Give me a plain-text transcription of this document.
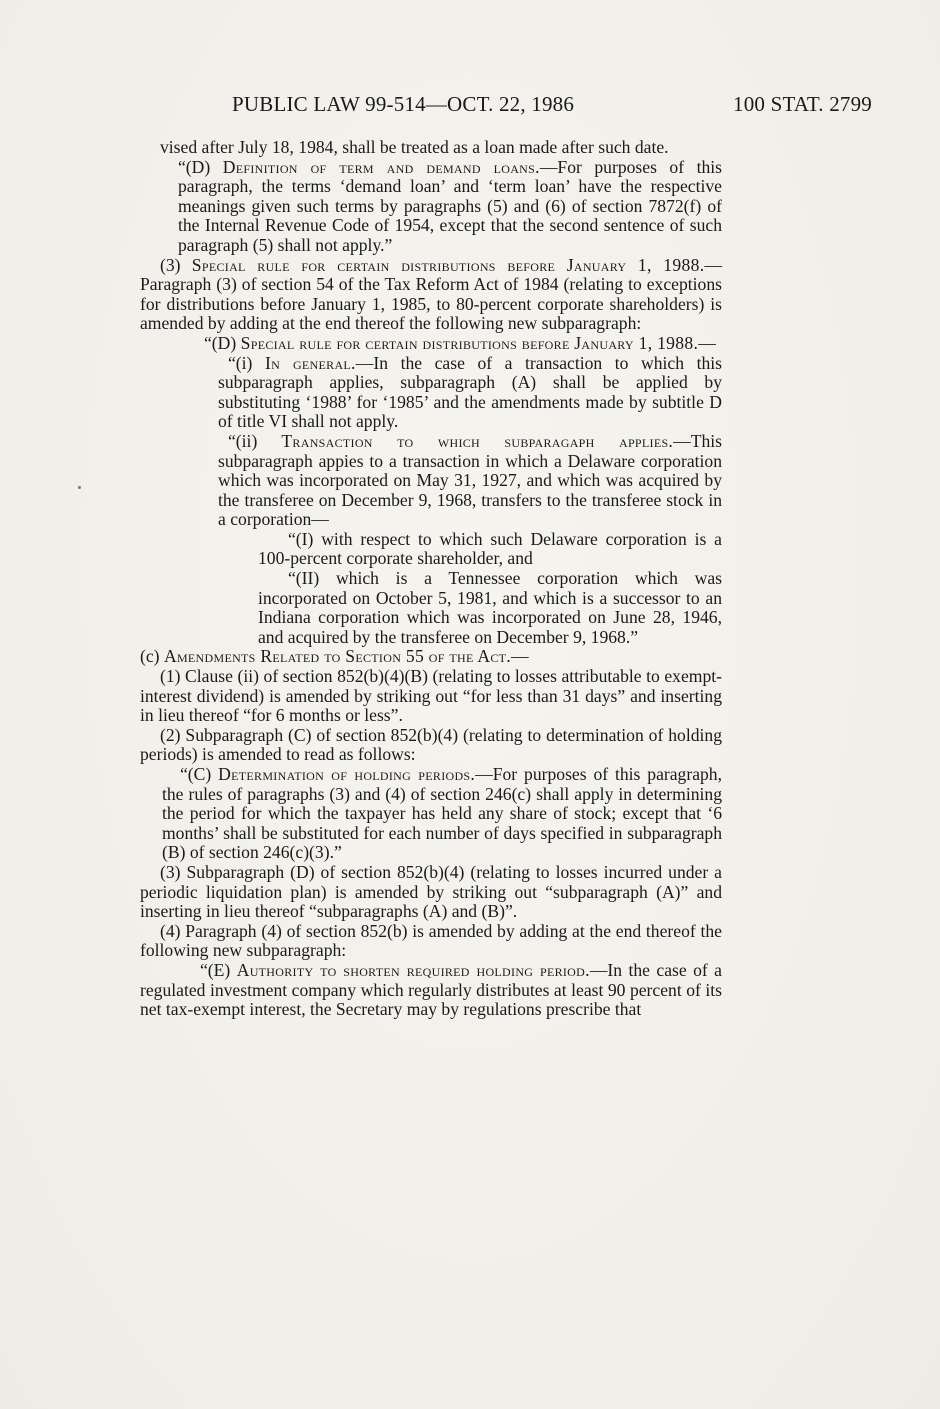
PUBLIC LAW 99-514—OCT. 22, 1986	100 STAT. 2799

vised after July 18, 1984, shall be treated as a loan made after such date.

“(D) Definition of term and demand loans.—For purposes of this paragraph, the terms ‘demand loan’ and ‘term loan’ have the respective meanings given such terms by paragraphs (5) and (6) of section 7872(f) of the Internal Revenue Code of 1954, except that the second sentence of such paragraph (5) shall not apply.”

(3) Special rule for certain distributions before January 1, 1988.—Paragraph (3) of section 54 of the Tax Reform Act of 1984 (relating to exceptions for distributions before January 1, 1985, to 80-percent corporate shareholders) is amended by adding at the end thereof the following new subparagraph:

“(D) Special rule for certain distributions before January 1, 1988.—

“(i) In general.—In the case of a transaction to which this subparagraph applies, subparagraph (A) shall be applied by substituting ‘1988’ for ‘1985’ and the amendments made by subtitle D of title VI shall not apply.

“(ii) Transaction to which subparagaph applies.—This subparagraph appies to a transaction in which a Delaware corporation which was incorporated on May 31, 1927, and which was acquired by the transferee on December 9, 1968, transfers to the transferee stock in a corporation—

“(I) with respect to which such Delaware corporation is a 100-percent corporate shareholder, and

“(II) which is a Tennessee corporation which was incorporated on October 5, 1981, and which is a successor to an Indiana corporation which was incorporated on June 28, 1946, and acquired by the transferee on December 9, 1968.”

(c) Amendments Related to Section 55 of the Act.—

(1) Clause (ii) of section 852(b)(4)(B) (relating to losses attributable to exempt-interest dividend) is amended by striking out “for less than 31 days” and inserting in lieu thereof “for 6 months or less”.

(2) Subparagraph (C) of section 852(b)(4) (relating to determination of holding periods) is amended to read as follows:

“(C) Determination of holding periods.—For purposes of this paragraph, the rules of paragraphs (3) and (4) of section 246(c) shall apply in determining the period for which the taxpayer has held any share of stock; except that ‘6 months’ shall be substituted for each number of days specified in subparagraph (B) of section 246(c)(3).”

(3) Subparagraph (D) of section 852(b)(4) (relating to losses incurred under a periodic liquidation plan) is amended by striking out “subparagraph (A)” and inserting in lieu thereof “subparagraphs (A) and (B)”.

(4) Paragraph (4) of section 852(b) is amended by adding at the end thereof the following new subparagraph:

“(E) Authority to shorten required holding period.—In the case of a regulated investment company which regularly distributes at least 90 percent of its net tax-exempt interest, the Secretary may by regulations prescribe that
